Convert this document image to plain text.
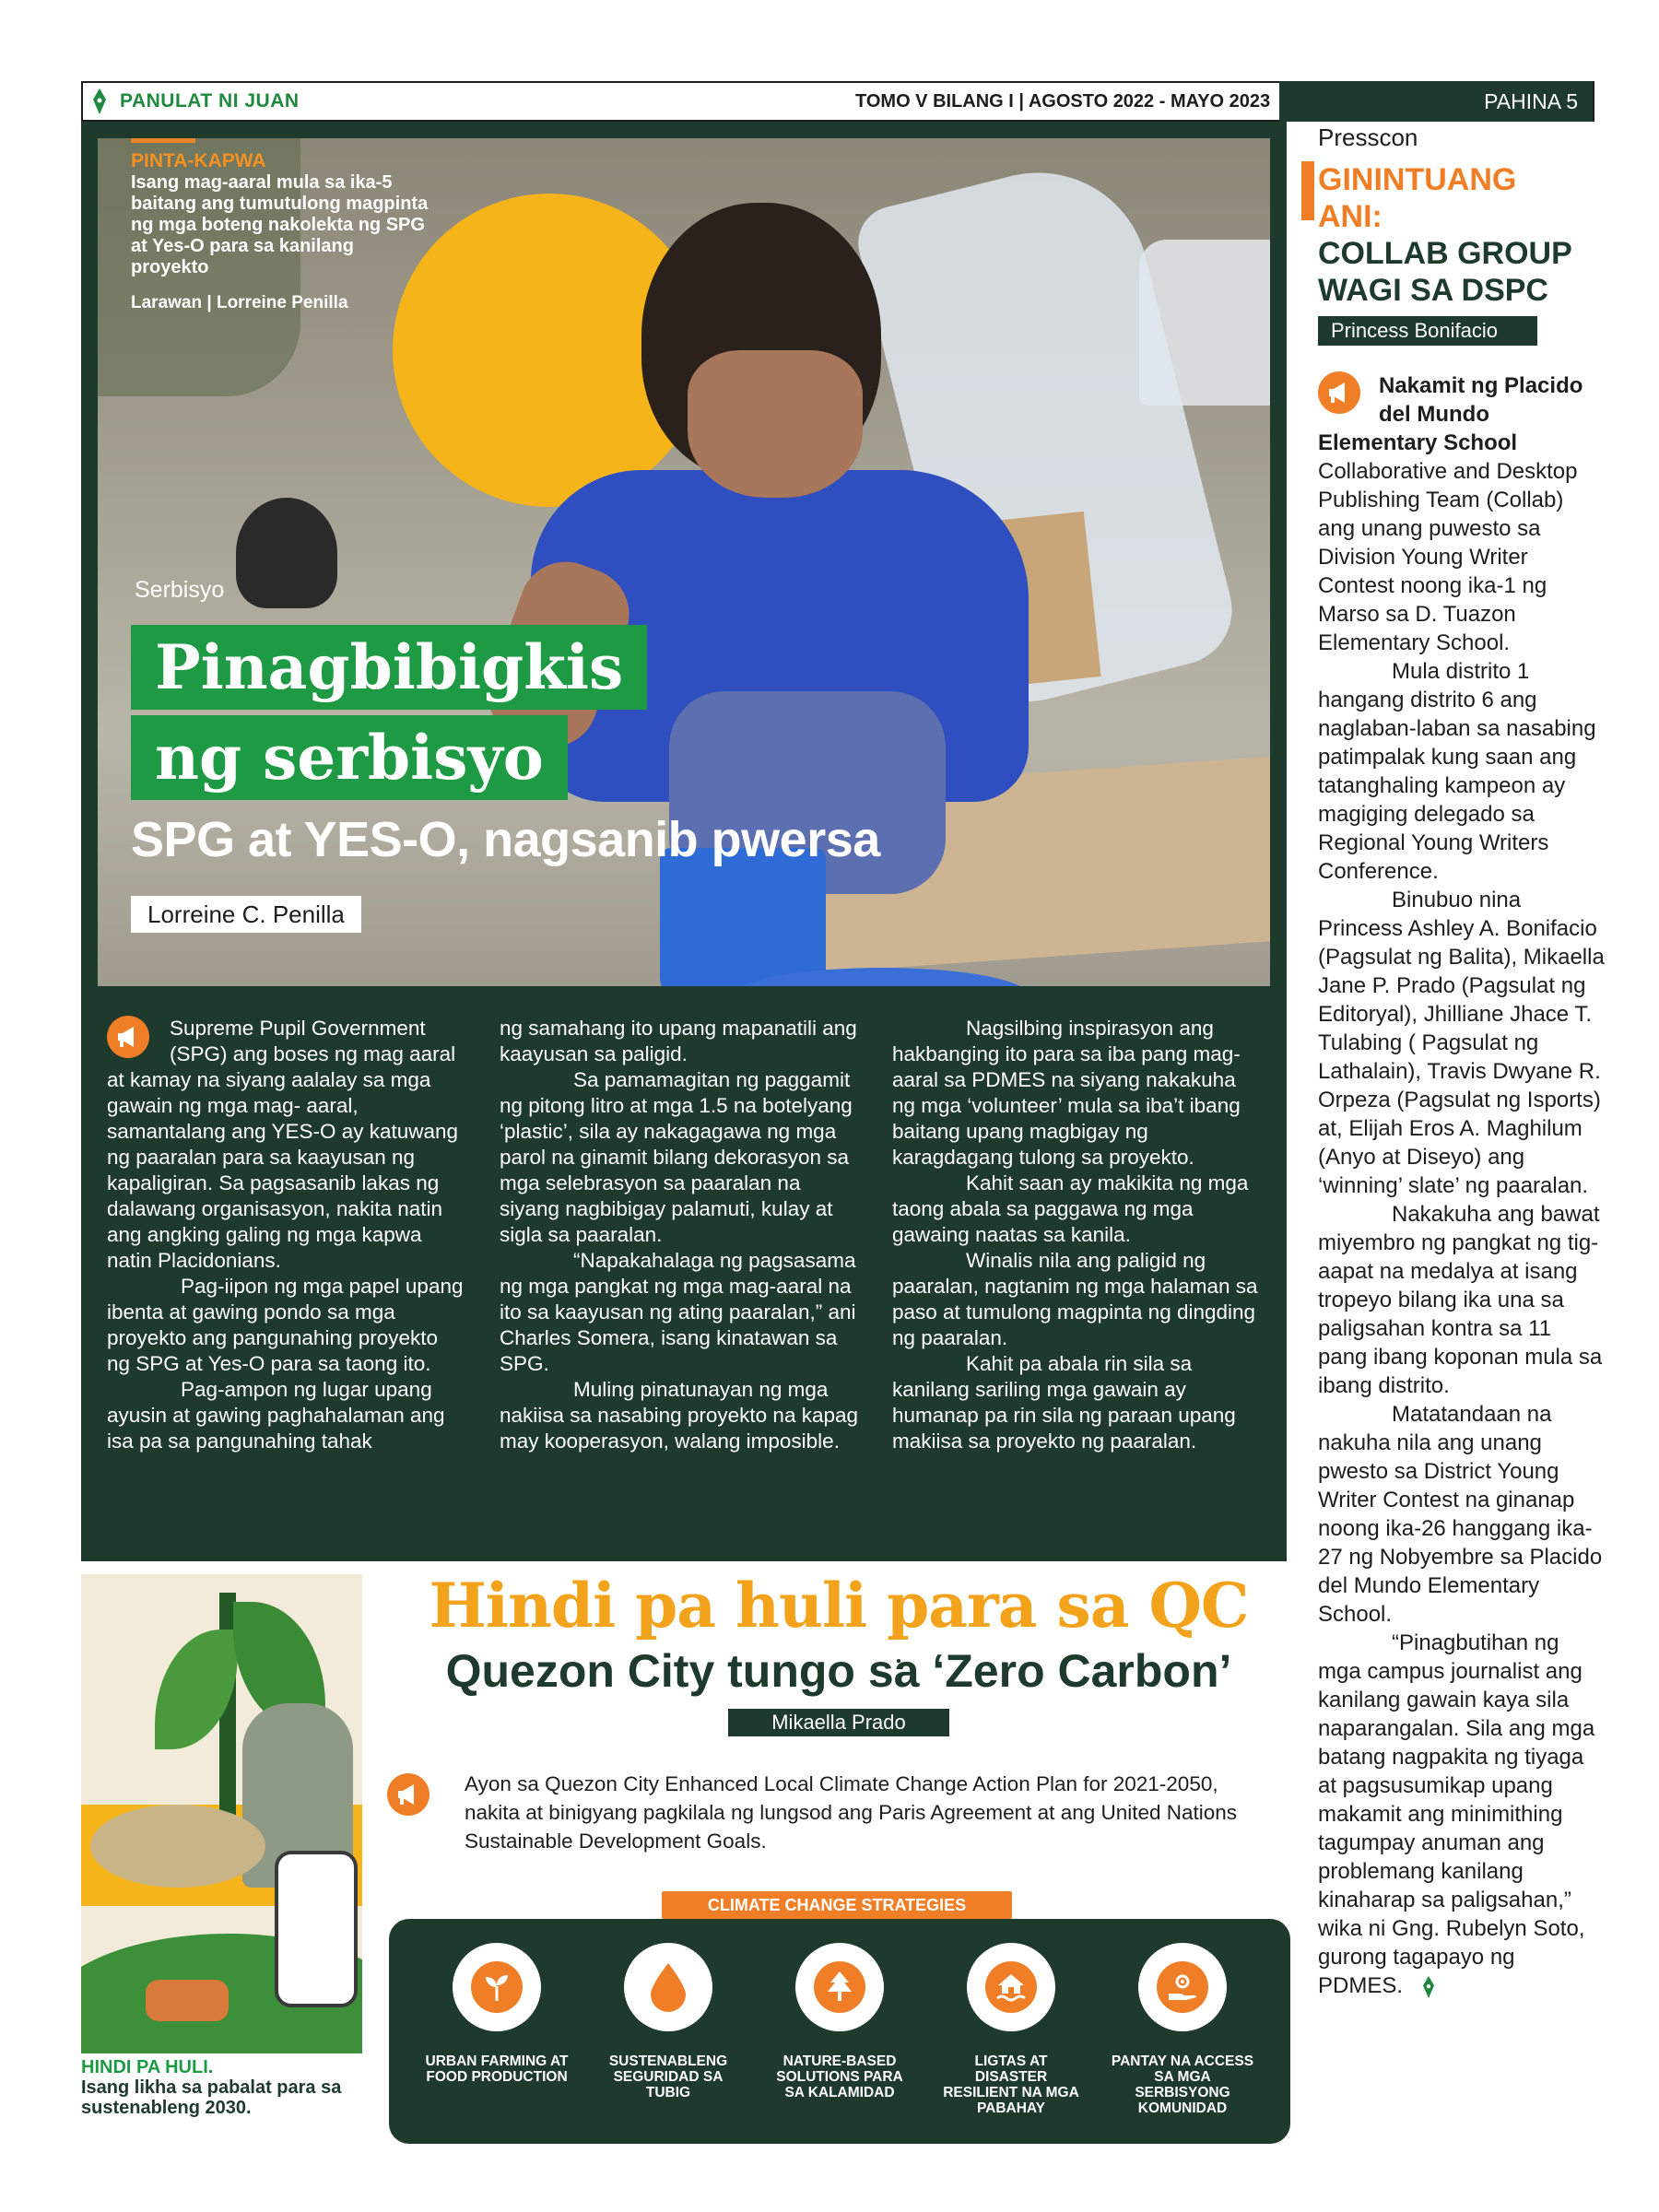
PANULAT NI JUAN	TOMO V BILANG I | AGOSTO 2022 - MAYO 2023	PAHINA 5
PINTA-KAPWA
Isang mag-aaral mula sa ika-5 baitang ang tumutulong magpinta ng mga boteng nakolekta ng SPG at Yes-O para sa kanilang proyekto
Larawan | Lorreine Penilla
Serbisyo
Pinagbibigkis
ng serbisyo
SPG at YES-O, nagsanib pwersa
Lorreine C. Penilla

Supreme Pupil Government (SPG) ang boses ng mag aaral at kamay na siyang aalalay sa mga gawain ng mga mag- aaral, samantalang ang YES-O ay katuwang ng paaralan para sa kaayusan ng kapaligiran. Sa pagsasanib lakas ng dalawang organisasyon, nakita natin ang angking galing ng mga kapwa natin Placidonians.

Pag-iipon ng mga papel upang ibenta at gawing pondo sa mga proyekto ang pangunahing proyekto ng SPG at Yes-O para sa taong ito.

Pag-ampon ng lugar upang ayusin at gawing paghahalaman ang isa pa sa pangunahing tahak

ng samahang ito upang mapanatili ang kaayusan sa paligid.

Sa pamamagitan ng paggamit ng pitong litro at mga 1.5 na botelyang ‘plastic’, sila ay nakagagawa ng mga parol na ginamit bilang dekorasyon sa mga selebrasyon sa paaralan na siyang nagbibigay palamuti, kulay at sigla sa paaralan.

“Napakahalaga ng pagsasama ng mga pangkat ng mga mag-aaral na ito sa kaayusan ng ating paaralan,” ani Charles Somera, isang kinatawan sa SPG.

Muling pinatunayan ng mga nakiisa sa nasabing proyekto na kapag may kooperasyon, walang imposible.

Nagsilbing inspirasyon ang hakbanging ito para sa iba pang mag-aaral sa PDMES na siyang nakakuha ng mga ‘volunteer’ mula sa iba’t ibang baitang upang magbigay ng karagdagang tulong sa proyekto.

Kahit saan ay makikita ng mga taong abala sa paggawa ng mga gawaing naatas sa kanila.

Winalis nila ang paligid ng paaralan, nagtanim ng mga halaman sa paso at tumulong magpinta ng dingding ng paaralan.

Kahit pa abala rin sila sa kanilang sariling mga gawain ay humanap pa rin sila ng paraan upang makiisa sa proyekto ng paaralan.

Presscon
GININTUANG
ANI:
COLLAB GROUP
WAGI SA DSPC
Princess Bonifacio

Nakamit ng Placido del Mundo Elementary School Collaborative and Desktop Publishing Team (Collab) ang unang puwesto sa Division Young Writer Contest noong ika-1 ng Marso sa D. Tuazon Elementary School.

Mula distrito 1 hangang distrito 6 ang naglaban-laban sa nasabing patimpalak kung saan ang tatanghaling kampeon ay magiging delegado sa Regional Young Writers Conference.

Binubuo nina Princess Ashley A. Bonifacio (Pagsulat ng Balita), Mikaella Jane P. Prado (Pagsulat ng Editoryal), Jhilliane Jhace T. Tulabing ( Pagsulat ng Lathalain), Travis Dwyane R. Orpeza (Pagsulat ng Isports) at, Elijah Eros A. Maghilum (Anyo at Diseyo) ang ‘winning’ slate’ ng paaralan.

Nakakuha ang bawat miyembro ng pangkat ng tig-aapat na medalya at isang tropeyo bilang ika una sa paligsahan kontra sa 11 pang ibang koponan mula sa ibang distrito.

Matatandaan na nakuha nila ang unang pwesto sa District Young Writer Contest na ginanap noong ika-26 hanggang ika-27 ng Nobyembre sa Placido del Mundo Elementary School.

“Pinagbutihan ng mga campus journalist ang kanilang gawain kaya sila naparangalan. Sila ang mga batang nagpakita ng tiyaga at pagsusumikap upang makamit ang minimithing tagumpay anuman ang problemang kanilang kinaharap sa paligsahan,” wika ni Gng. Rubelyn Soto, gurong tagapayo ng PDMES.

HINDI PA HULI.
Isang likha sa pabalat para sa sustenableng 2030.
Hindi pa huli para sa QC
Quezon City tungo sa ‘Zero Carbon’
Mikaella Prado
Ayon sa Quezon City Enhanced Local Climate Change Action Plan for 2021-2050, nakita at binigyang pagkilala ng lungsod ang Paris Agreement at ang United Nations Sustainable Development Goals.
CLIMATE CHANGE STRATEGIES
URBAN FARMING AT FOOD PRODUCTION
SUSTENABLENG SEGURIDAD SA TUBIG
NATURE-BASED SOLUTIONS PARA SA KALAMIDAD
LIGTAS AT DISASTER RESILIENT NA MGA PABAHAY
PANTAY NA ACCESS SA MGA SERBISYONG KOMUNIDAD
